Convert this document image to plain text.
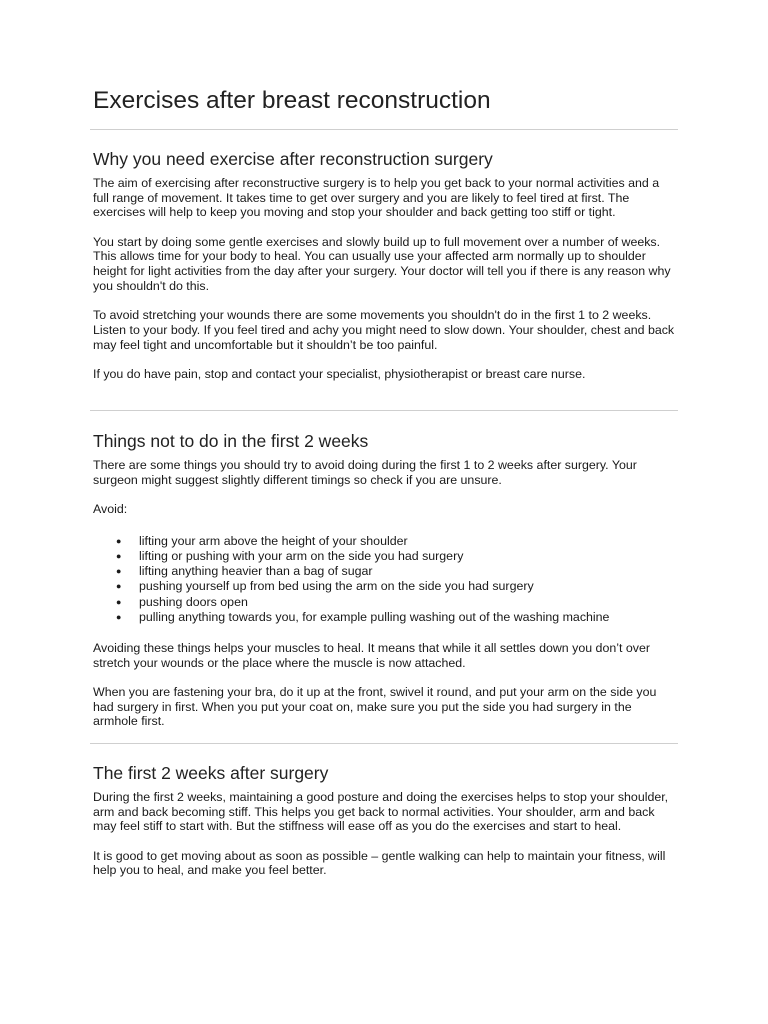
Exercises after breast reconstruction
Why you need exercise after reconstruction surgery

The aim of exercising after reconstructive surgery is to help you get back to your normal activities and a full range of movement. It takes time to get over surgery and you are likely to feel tired at first. The exercises will help to keep you moving and stop your shoulder and back getting too stiff or tight.

You start by doing some gentle exercises and slowly build up to full movement over a number of weeks. This allows time for your body to heal. You can usually use your affected arm normally up to shoulder height for light activities from the day after your surgery. Your doctor will tell you if there is any reason why you shouldn't do this.

To avoid stretching your wounds there are some movements you shouldn't do in the first 1 to 2 weeks. Listen to your body. If you feel tired and achy you might need to slow down. Your shoulder, chest and back may feel tight and uncomfortable but it shouldn’t be too painful.

If you do have pain, stop and contact your specialist, physiotherapist or breast care nurse.

Things not to do in the first 2 weeks

There are some things you should try to avoid doing during the first 1 to 2 weeks after surgery. Your surgeon might suggest slightly different timings so check if you are unsure.

Avoid:

● lifting your arm above the height of your shoulder
● lifting or pushing with your arm on the side you had surgery
● lifting anything heavier than a bag of sugar
● pushing yourself up from bed using the arm on the side you had surgery
● pushing doors open
● pulling anything towards you, for example pulling washing out of the washing machine

Avoiding these things helps your muscles to heal. It means that while it all settles down you don’t over stretch your wounds or the place where the muscle is now attached.

When you are fastening your bra, do it up at the front, swivel it round, and put your arm on the side you had surgery in first. When you put your coat on, make sure you put the side you had surgery in the armhole first.

The first 2 weeks after surgery

During the first 2 weeks, maintaining a good posture and doing the exercises helps to stop your shoulder, arm and back becoming stiff. This helps you get back to normal activities. Your shoulder, arm and back may feel stiff to start with. But the stiffness will ease off as you do the exercises and start to heal.

It is good to get moving about as soon as possible – gentle walking can help to maintain your fitness, will help you to heal, and make you feel better.
